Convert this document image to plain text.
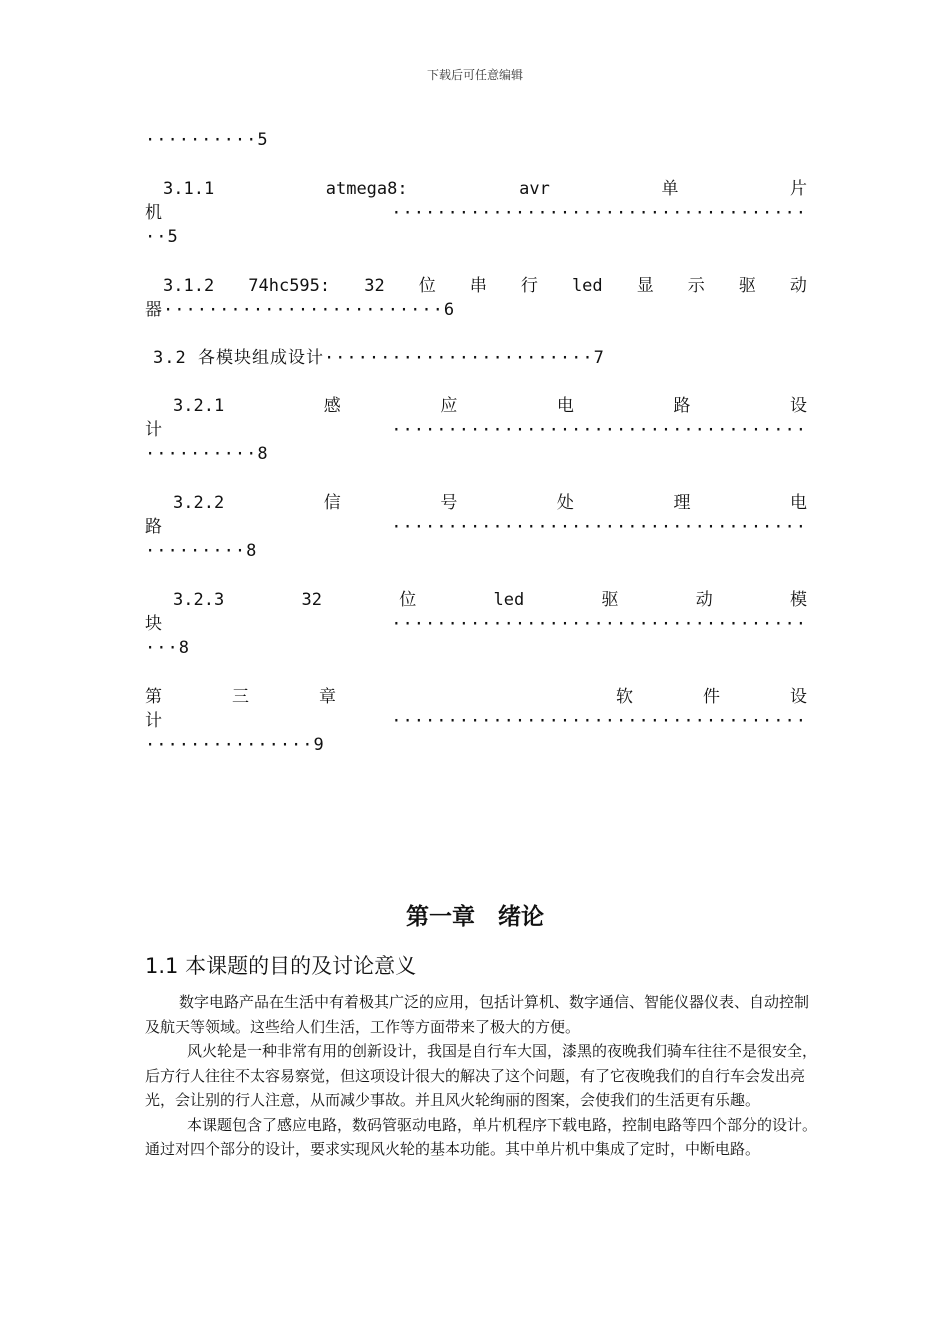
下载后可任意编辑
··········5
3.1.1	atmega8:	avr	单	片
机	·····································
··5
3.1.2 74hc595: 32 位 串 行 led 显 示 驱 动
器·························6
3.2 各模块组成设计························7
3.2.1	感	应	电	路	设
计	·····································
··········8
3.2.2	信	号	处	理	电
路	·····································
·········8
3.2.3	32	位	led	驱	动	模
块	·····································
···8
第	三	章	软	件	设
计	·····································
···············9
第一章　绪论
1.1 本课题的目的及讨论意义

数字电路产品在生活中有着极其广泛的应用，包括计算机、数字通信、智能仪器仪表、自动控制及航天等领域。这些给人们生活，工作等方面带来了极大的方便。

风火轮是一种非常有用的创新设计，我国是自行车大国，漆黑的夜晚我们骑车往往不是很安全，后方行人往往不太容易察觉，但这项设计很大的解决了这个问题，有了它夜晚我们的自行车会发出亮光，会让别的行人注意，从而减少事故。并且风火轮绚丽的图案，会使我们的生活更有乐趣。

本课题包含了感应电路，数码管驱动电路，单片机程序下载电路，控制电路等四个部分的设计。通过对四个部分的设计，要求实现风火轮的基本功能。其中单片机中集成了定时，中断电路。
